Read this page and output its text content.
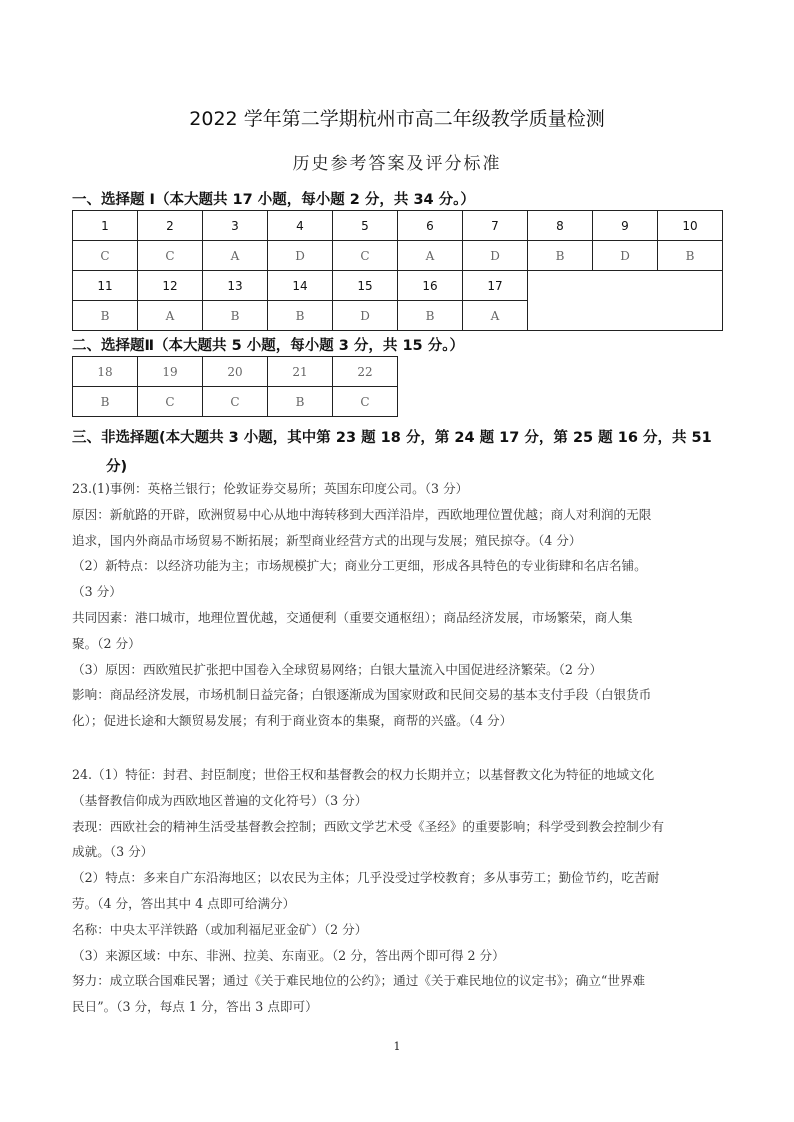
2022 学年第二学期杭州市高二年级教学质量检测
历史参考答案及评分标准
一、选择题 I（本大题共 17 小题，每小题 2 分，共 34 分。）
1	2	3	4	5	6	7	8	9	10
C	C	A	D	C	A	D	B	D	B
11	12	13	14	15	16	17			
B	A	B	B	D	B	A			
二、选择题Ⅱ（本大题共 5 小题，每小题 3 分，共 15 分。）
18	19	20	21	22
B	C	C	B	C
三、非选择题(本大题共 3 小题，其中第 23 题 18 分，第 24 题 17 分，第 25 题 16 分，共 51
分)
23.(1)事例：英格兰银行；伦敦证券交易所；英国东印度公司。（3 分）
原因：新航路的开辟，欧洲贸易中心从地中海转移到大西洋沿岸，西欧地理位置优越；商人对利润的无限
追求，国内外商品市场贸易不断拓展；新型商业经营方式的出现与发展；殖民掠夺。（4 分）
（2）新特点：以经济功能为主；市场规模扩大；商业分工更细，形成各具特色的专业街肆和名店名铺。
（3 分）
共同因素：港口城市，地理位置优越，交通便利（重要交通枢纽）；商品经济发展，市场繁荣，商人集
聚。（2 分）
（3）原因：西欧殖民扩张把中国卷入全球贸易网络；白银大量流入中国促进经济繁荣。（2 分）
影响：商品经济发展，市场机制日益完备；白银逐渐成为国家财政和民间交易的基本支付手段（白银货币
化）；促进长途和大额贸易发展；有利于商业资本的集聚，商帮的兴盛。（4 分）
24.（1）特征：封君、封臣制度；世俗王权和基督教会的权力长期并立；以基督教文化为特征的地域文化
（基督教信仰成为西欧地区普遍的文化符号）（3 分）
表现：西欧社会的精神生活受基督教会控制；西欧文学艺术受《圣经》的重要影响；科学受到教会控制少有
成就。（3 分）
（2）特点：多来自广东沿海地区；以农民为主体；几乎没受过学校教育；多从事劳工；勤俭节约，吃苦耐
劳。（4 分，答出其中 4 点即可给满分）
名称：中央太平洋铁路（或加利福尼亚金矿）（2 分）
（3）来源区域：中东、非洲、拉美、东南亚。（2 分，答出两个即可得 2 分）
努力：成立联合国难民署；通过《关于难民地位的公约》；通过《关于难民地位的议定书》；确立“世界难
民日”。（3 分，每点 1 分，答出 3 点即可）
1
